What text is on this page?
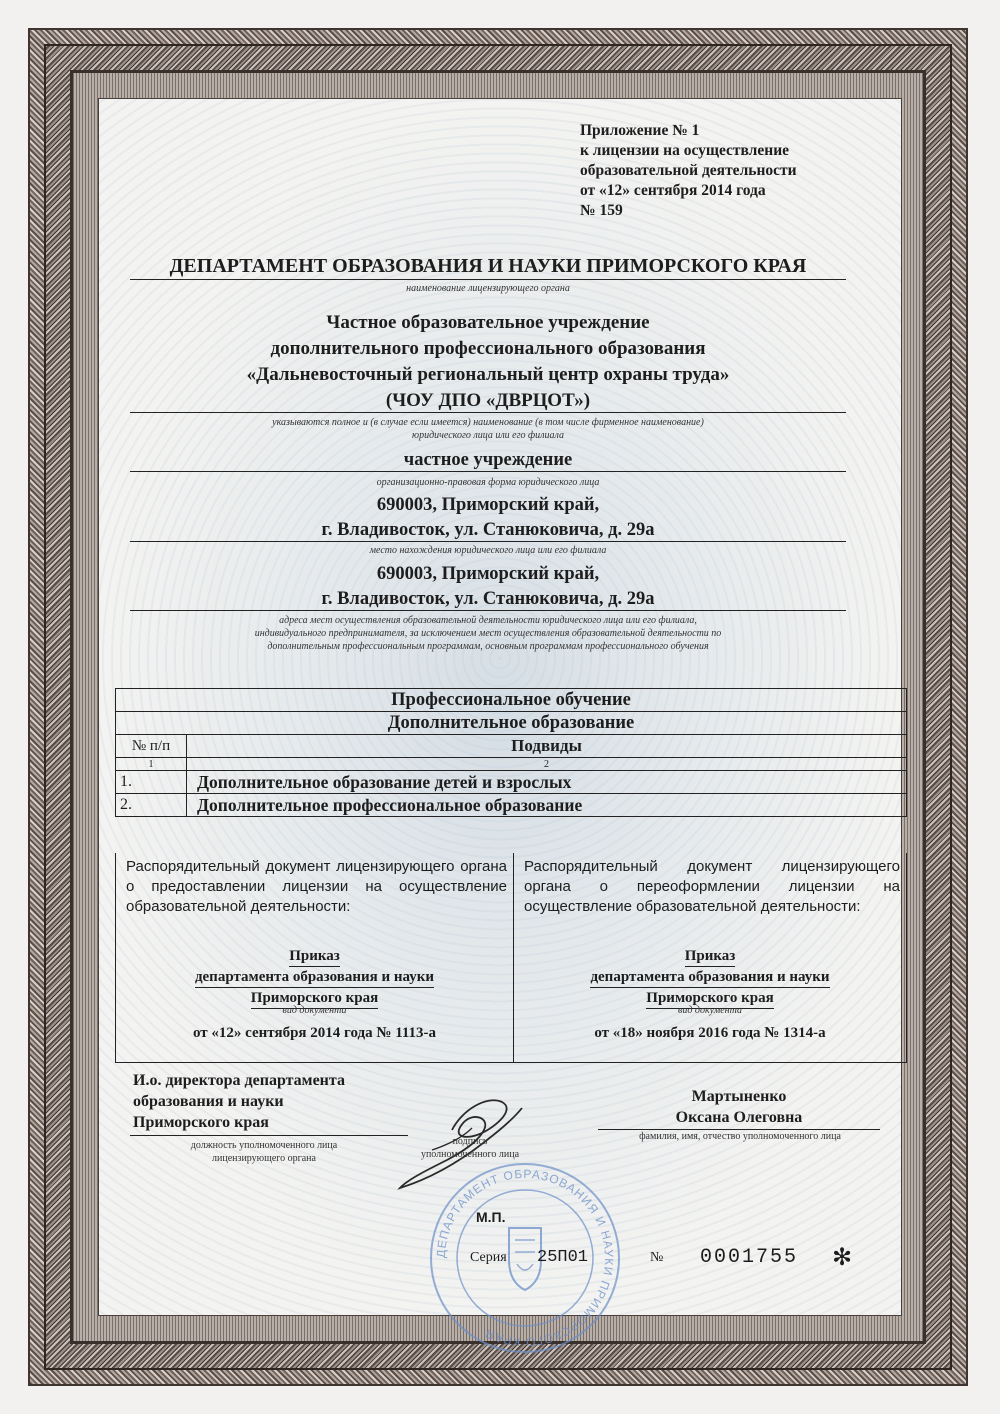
Приложение № 1
к лицензии на осуществление
образовательной деятельности
от «12» сентября 2014 года
№ 159
ДЕПАРТАМЕНТ ОБРАЗОВАНИЯ И НАУКИ ПРИМОРСКОГО КРАЯ
наименование лицензирующего органа
Частное образовательное учреждение
дополнительного профессионального образования
«Дальневосточный региональный центр охраны труда»
(ЧОУ ДПО «ДВРЦОТ»)
указываются полное и (в случае если имеется) наименование (в том числе фирменное наименование)
юридического лица или его филиала
частное учреждение
организационно-правовая форма юридического лица
690003, Приморский край,
г. Владивосток, ул. Станюковича, д. 29а
место нахождения юридического лица или его филиала
690003, Приморский край,
г. Владивосток, ул. Станюковича, д. 29а
адреса мест осуществления образовательной деятельности юридического лица или его филиала,
индивидуального предпринимателя, за исключением мест осуществления образовательной деятельности по
дополнительным профессиональным программам, основным программам профессионального обучения
Профессиональное обучение	
Дополнительное образование	
№ п/п	Подвиды
1	2
1.	Дополнительное образование детей и взрослых
2.	Дополнительное профессиональное образование
Распорядительный документ лицензирующего органа о предоставлении лицензии на осуществление образовательной деятельности:
Приказ
департамента образования и науки
Приморского края
вид документа
от «12» сентября 2014 года № 1113-а
Распорядительный документ лицензирующего органа о переоформлении лицензии на осуществление образовательной деятельности:
Приказ
департамента образования и науки
Приморского края
вид документа
от «18» ноября 2016 года № 1314-а
И.о. директора департамента
образования и науки
Приморского края
должность уполномоченного лица
лицензирующего органа
ДЕПАРТАМЕНТ ОБРАЗОВАНИЯ И НАУКИ ПРИМОРСКОГО КРАЯ
подпись
уполномоченного лица
Мартыненко
Оксана Олеговна
фамилия, имя, отчество уполномоченного лица
М.П.
Серия 25П01	№ 0001755 ✻
